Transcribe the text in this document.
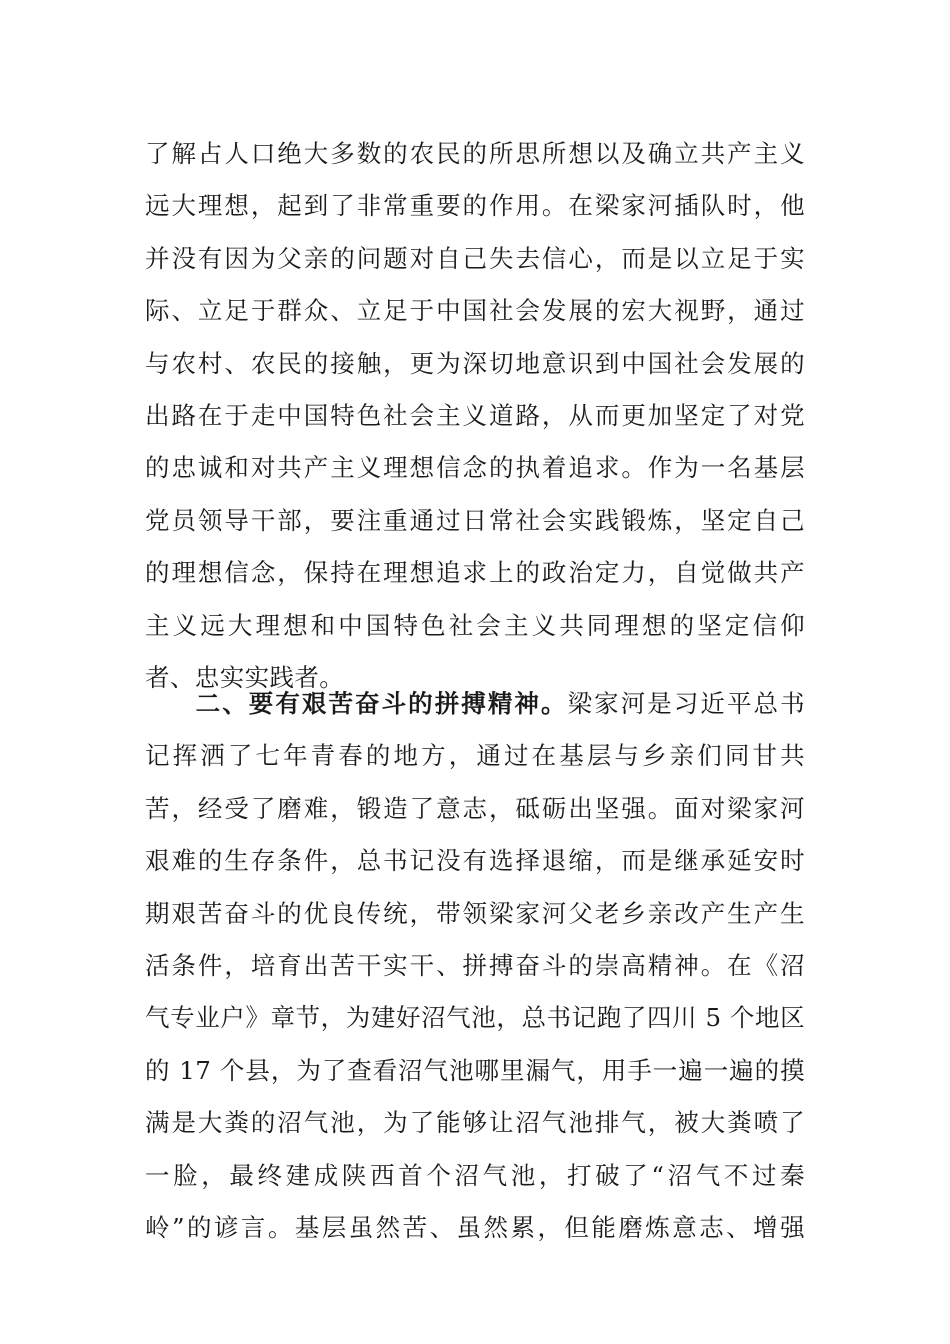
了解占人口绝大多数的农民的所思所想以及确立共产主义
远大理想，起到了非常重要的作用。在梁家河插队时，他
并没有因为父亲的问题对自己失去信心，而是以立足于实
际、立足于群众、立足于中国社会发展的宏大视野，通过
与农村、农民的接触，更为深切地意识到中国社会发展的
出路在于走中国特色社会主义道路，从而更加坚定了对党
的忠诚和对共产主义理想信念的执着追求。作为一名基层
党员领导干部，要注重通过日常社会实践锻炼，坚定自己
的理想信念，保持在理想追求上的政治定力，自觉做共产
主义远大理想和中国特色社会主义共同理想的坚定信仰
者、忠实实践者。
二、要有艰苦奋斗的拼搏精神。梁家河是习近平总书
记挥洒了七年青春的地方，通过在基层与乡亲们同甘共
苦，经受了磨难，锻造了意志，砥砺出坚强。面对梁家河
艰难的生存条件，总书记没有选择退缩，而是继承延安时
期艰苦奋斗的优良传统，带领梁家河父老乡亲改产生产生
活条件，培育出苦干实干、拼搏奋斗的崇高精神。在《沼
气专业户》章节，为建好沼气池，总书记跑了四川 5 个地区
的 17 个县，为了查看沼气池哪里漏气，用手一遍一遍的摸
满是大粪的沼气池，为了能够让沼气池排气，被大粪喷了
一脸，最终建成陕西首个沼气池，打破了“沼气不过秦
岭”的谚言。基层虽然苦、虽然累，但能磨炼意志、增强
